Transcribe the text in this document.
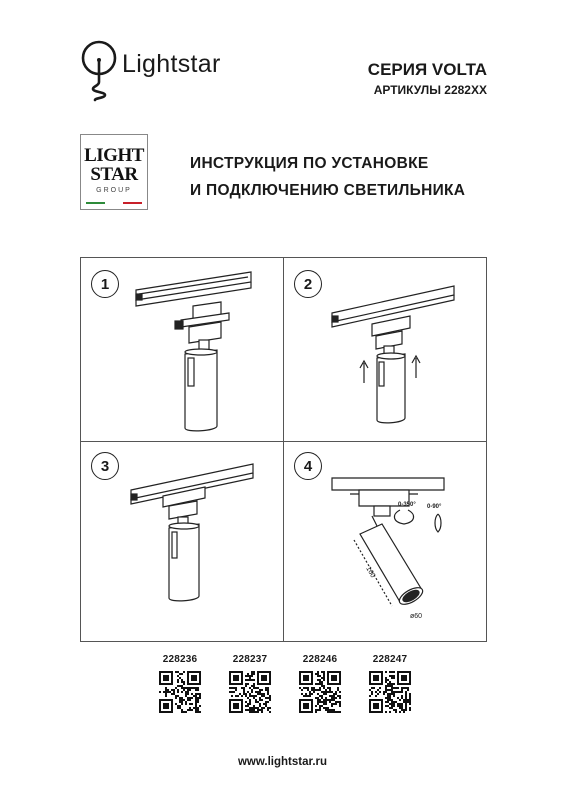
Lightstar	СЕРИЯ VOLTA
АРТИКУЛЫ 2282XX
LIGHT
STAR
GROUP
ИНСТРУКЦИЯ ПО УСТАНОВКЕ
И ПОДКЛЮЧЕНИЮ СВЕТИЛЬНИКА
1	2
3	4
160
ø60
0-350° 0-90°
228236	228237	228246	228247
www.lightstar.ru
